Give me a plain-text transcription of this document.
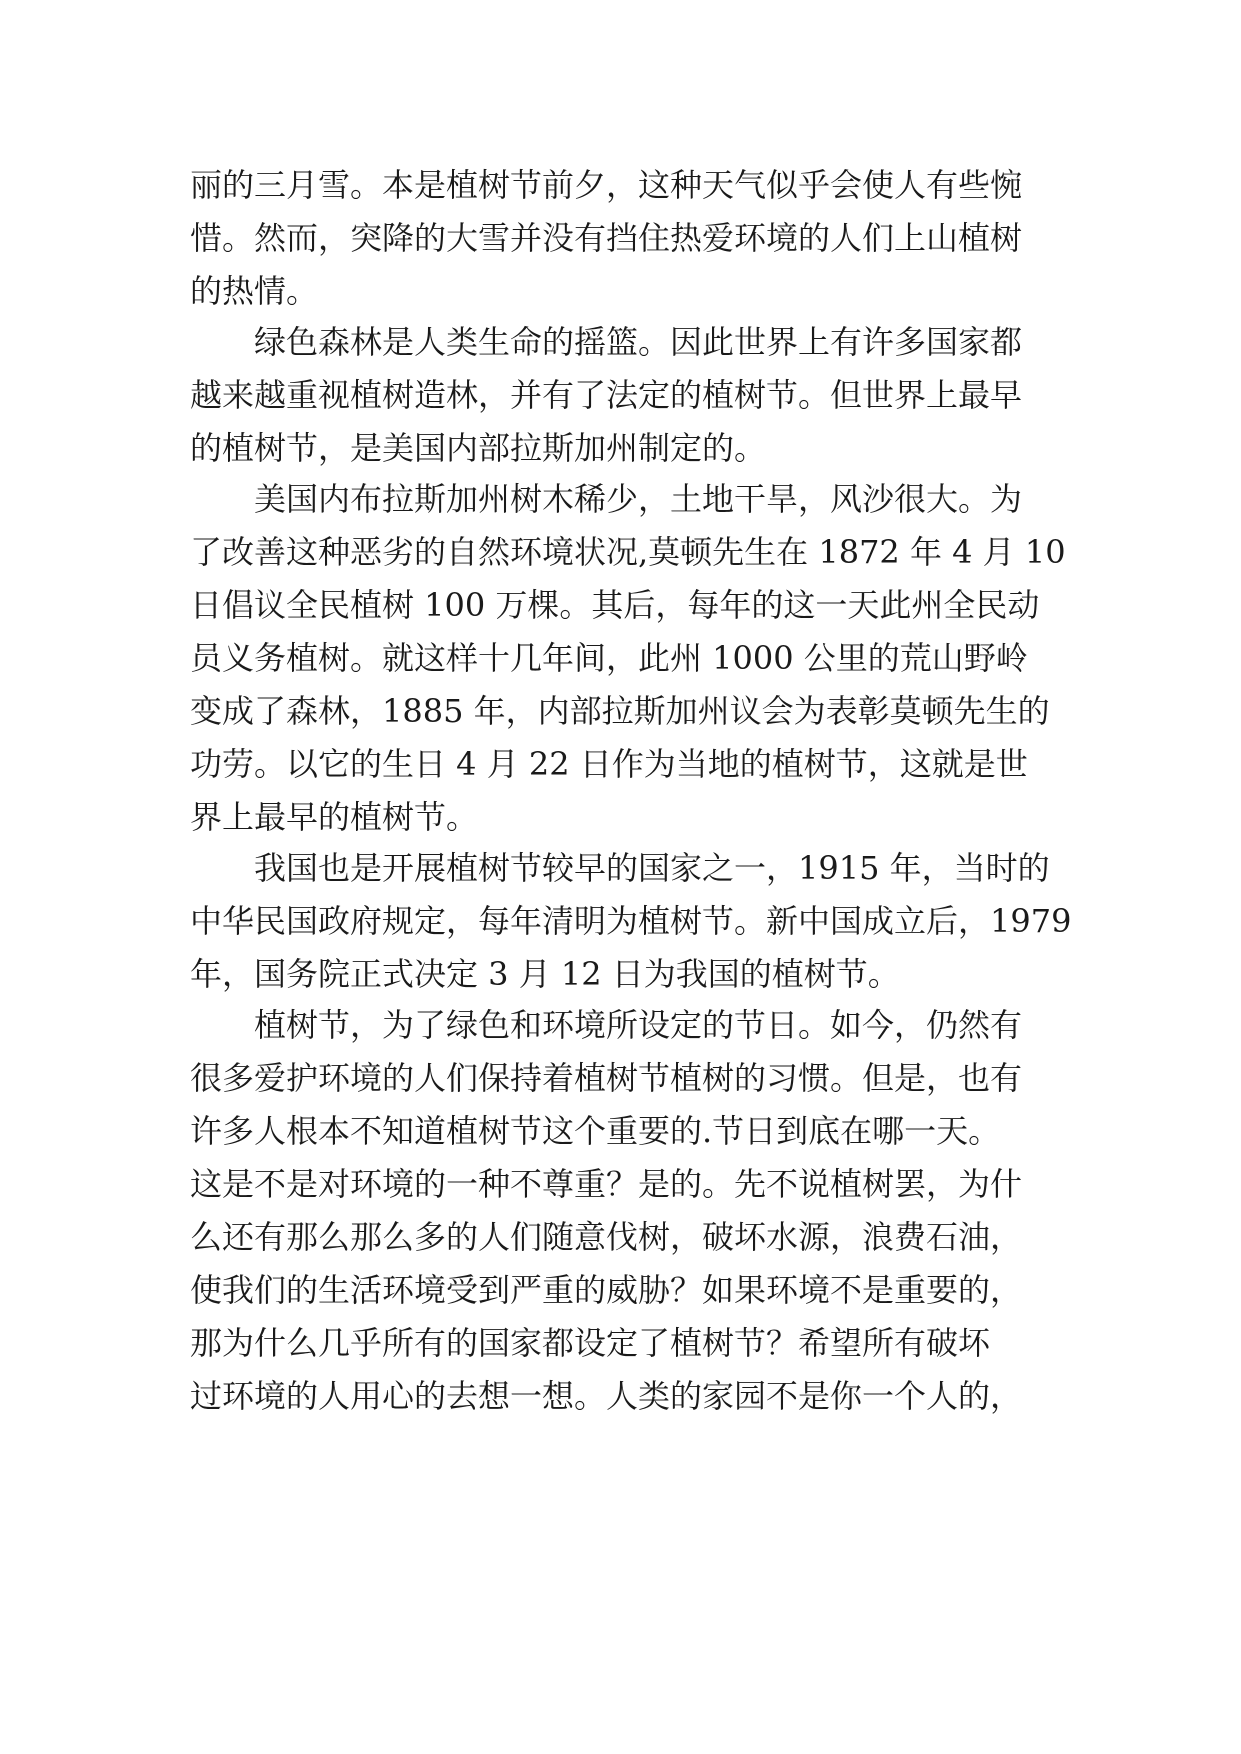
丽的三月雪。本是植树节前夕，这种天气似乎会使人有些惋
惜。然而，突降的大雪并没有挡住热爱环境的人们上山植树
的热情。
绿色森林是人类生命的摇篮。因此世界上有许多国家都
越来越重视植树造林，并有了法定的植树节。但世界上最早
的植树节，是美国内部拉斯加州制定的。
美国内布拉斯加州树木稀少，土地干旱，风沙很大。为
了改善这种恶劣的自然环境状况,莫顿先生在 1872 年 4 月 10
日倡议全民植树 100 万棵。其后，每年的这一天此州全民动
员义务植树。就这样十几年间，此州 1000 公里的荒山野岭
变成了森林，1885 年，内部拉斯加州议会为表彰莫顿先生的
功劳。以它的生日 4 月 22 日作为当地的植树节，这就是世
界上最早的植树节。
我国也是开展植树节较早的国家之一，1915 年，当时的
中华民国政府规定，每年清明为植树节。新中国成立后，1979
年，国务院正式决定 3 月 12 日为我国的植树节。
植树节，为了绿色和环境所设定的节日。如今，仍然有
很多爱护环境的人们保持着植树节植树的习惯。但是，也有
许多人根本不知道植树节这个重要的.节日到底在哪一天。
这是不是对环境的一种不尊重？是的。先不说植树罢，为什
么还有那么那么多的人们随意伐树，破坏水源，浪费石油，
使我们的生活环境受到严重的威胁？如果环境不是重要的，
那为什么几乎所有的国家都设定了植树节？希望所有破坏
过环境的人用心的去想一想。人类的家园不是你一个人的，
